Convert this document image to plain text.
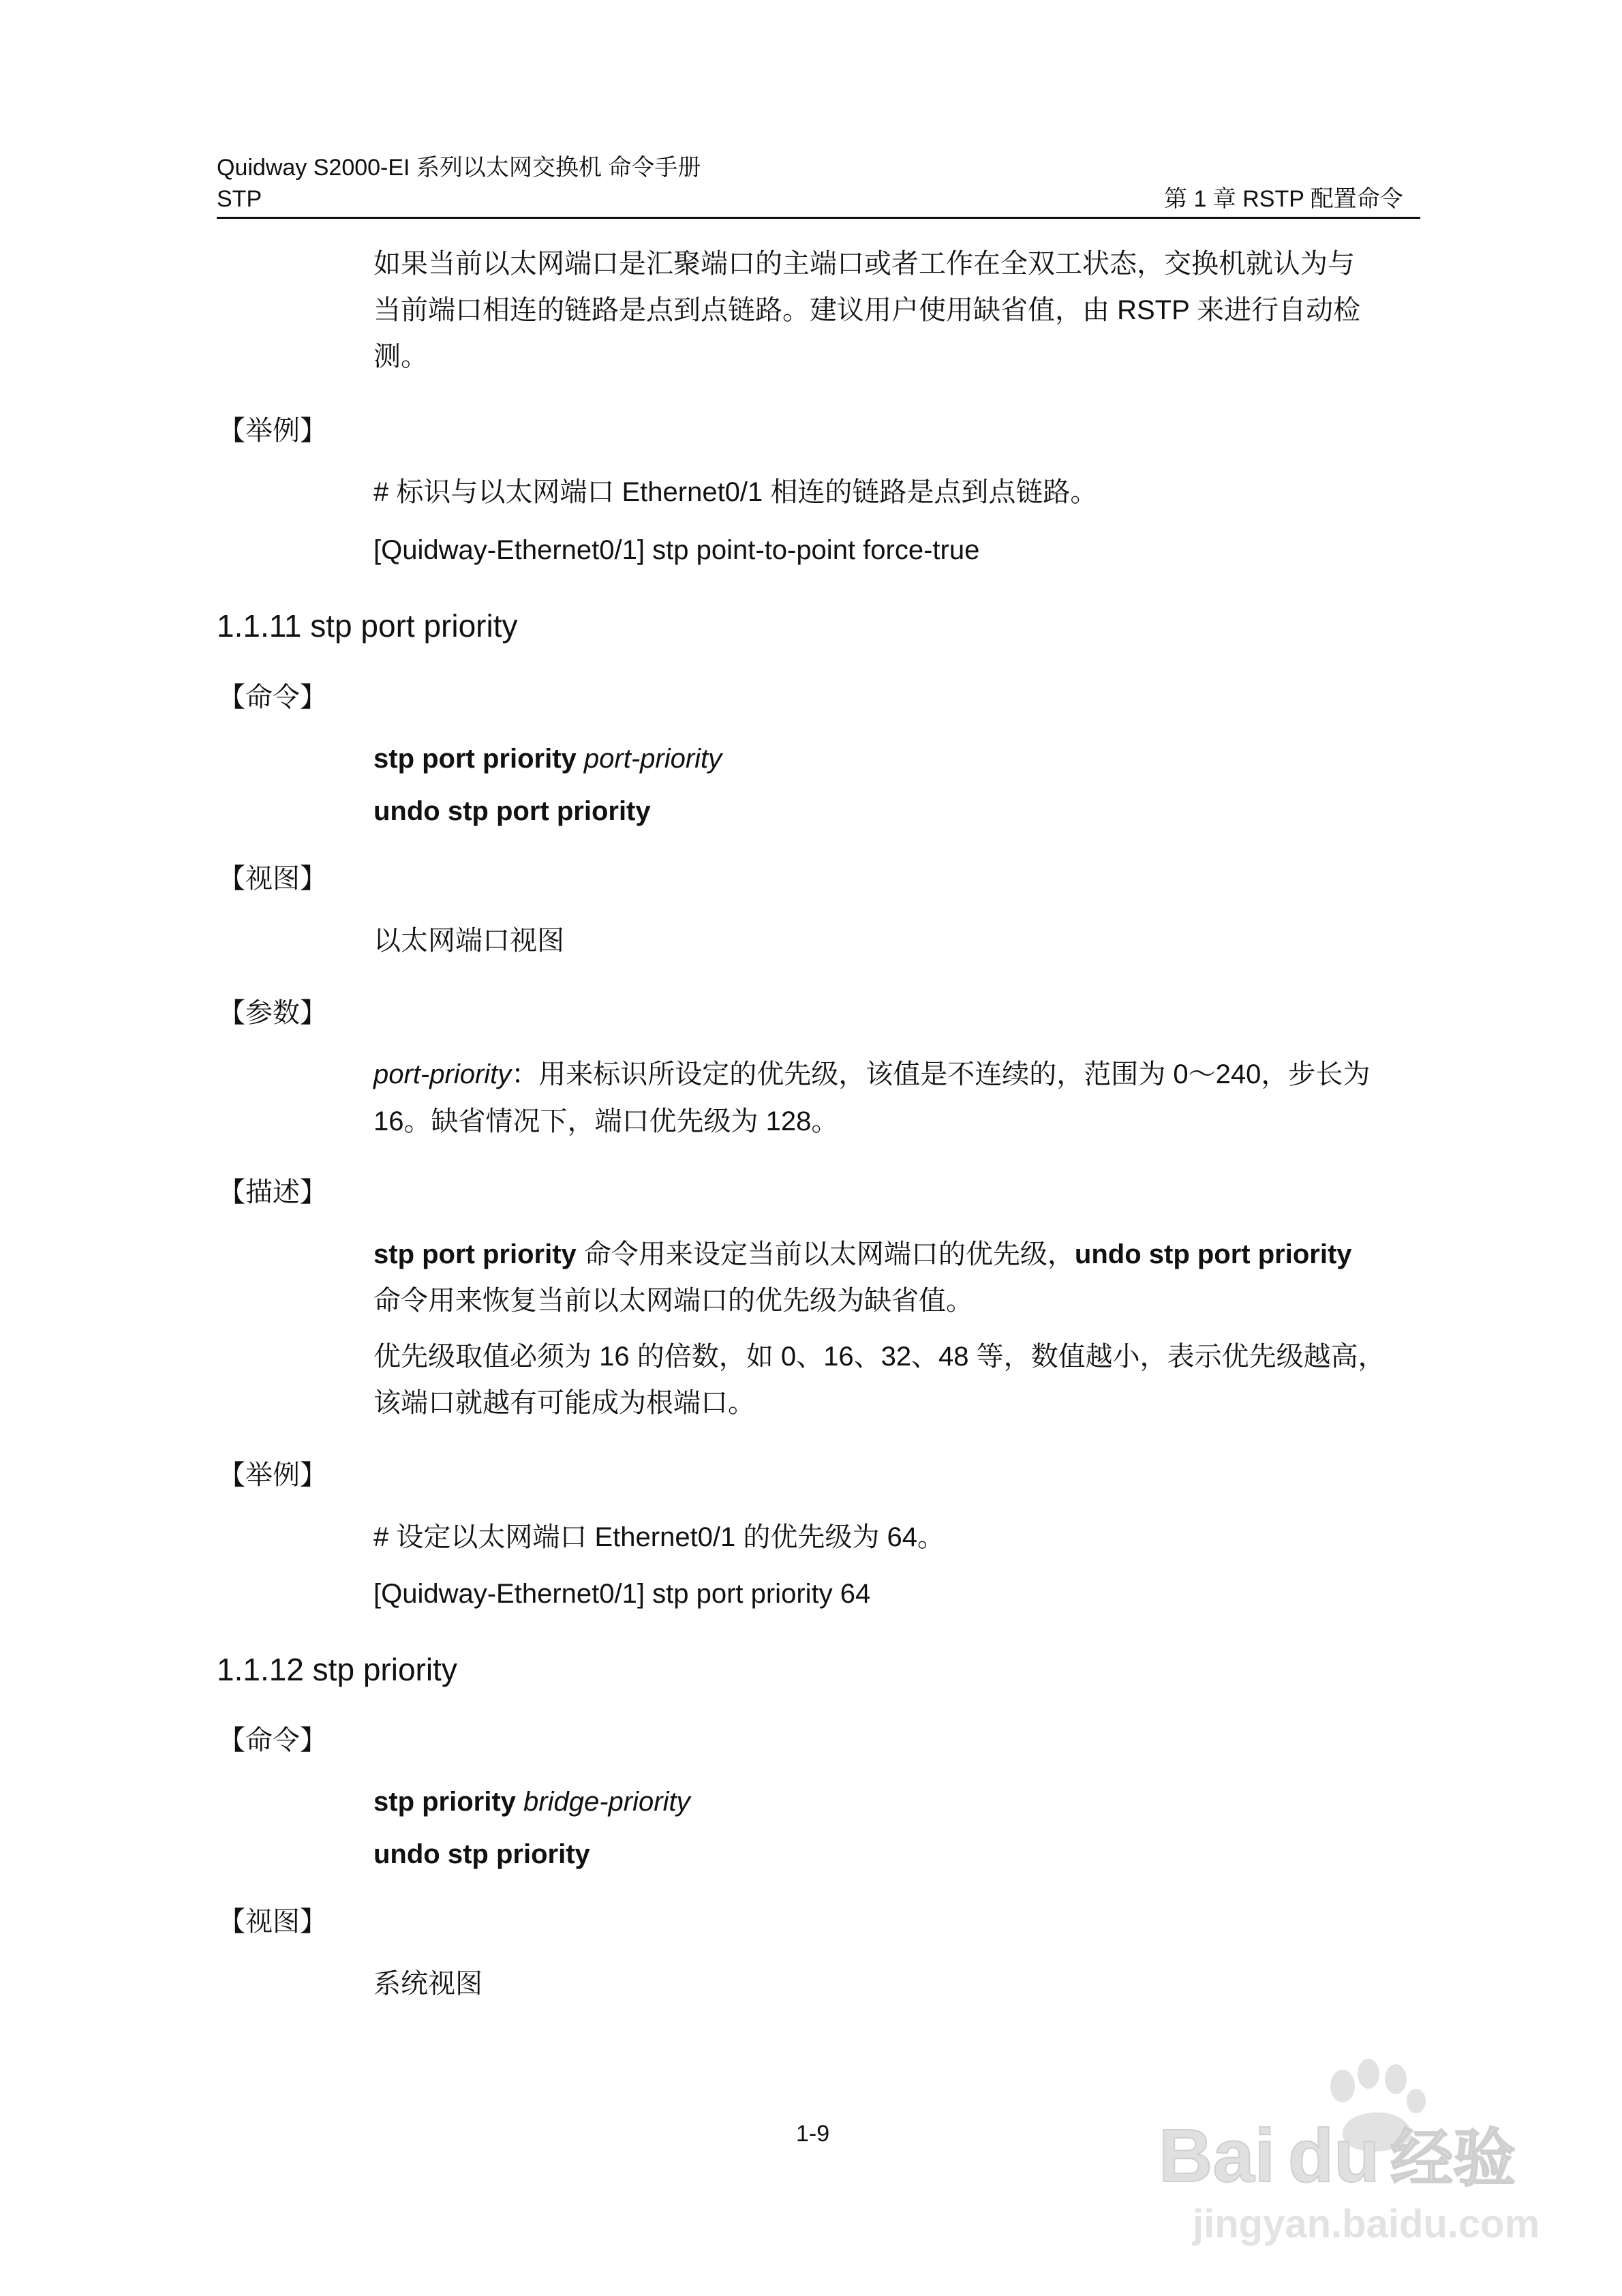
Quidway S2000-EI 系列以太网交换机 命令手册
STP	第 1 章 RSTP 配置命令
如果当前以太网端口是汇聚端口的主端口或者工作在全双工状态，交换机就认为与
当前端口相连的链路是点到点链路。建议用户使用缺省值，由 RSTP 来进行自动检
测。
【举例】
# 标识与以太网端口 Ethernet0/1 相连的链路是点到点链路。
[Quidway-Ethernet0/1] stp point-to-point force-true
1.1.11 stp port priority
【命令】
stp port priority port-priority
undo stp port priority
【视图】
以太网端口视图
【参数】
port-priority：用来标识所设定的优先级，该值是不连续的，范围为 0～240，步长为
16。缺省情况下，端口优先级为 128。
【描述】
stp port priority 命令用来设定当前以太网端口的优先级，undo stp port priority
命令用来恢复当前以太网端口的优先级为缺省值。
优先级取值必须为 16 的倍数，如 0、16、32、48 等，数值越小，表示优先级越高，
该端口就越有可能成为根端口。
【举例】
# 设定以太网端口 Ethernet0/1 的优先级为 64。
[Quidway-Ethernet0/1] stp port priority 64
1.1.12 stp priority
【命令】
stp priority bridge-priority
undo stp priority
【视图】
系统视图
1-9	Bai du 经验
jingyan.baidu.com
